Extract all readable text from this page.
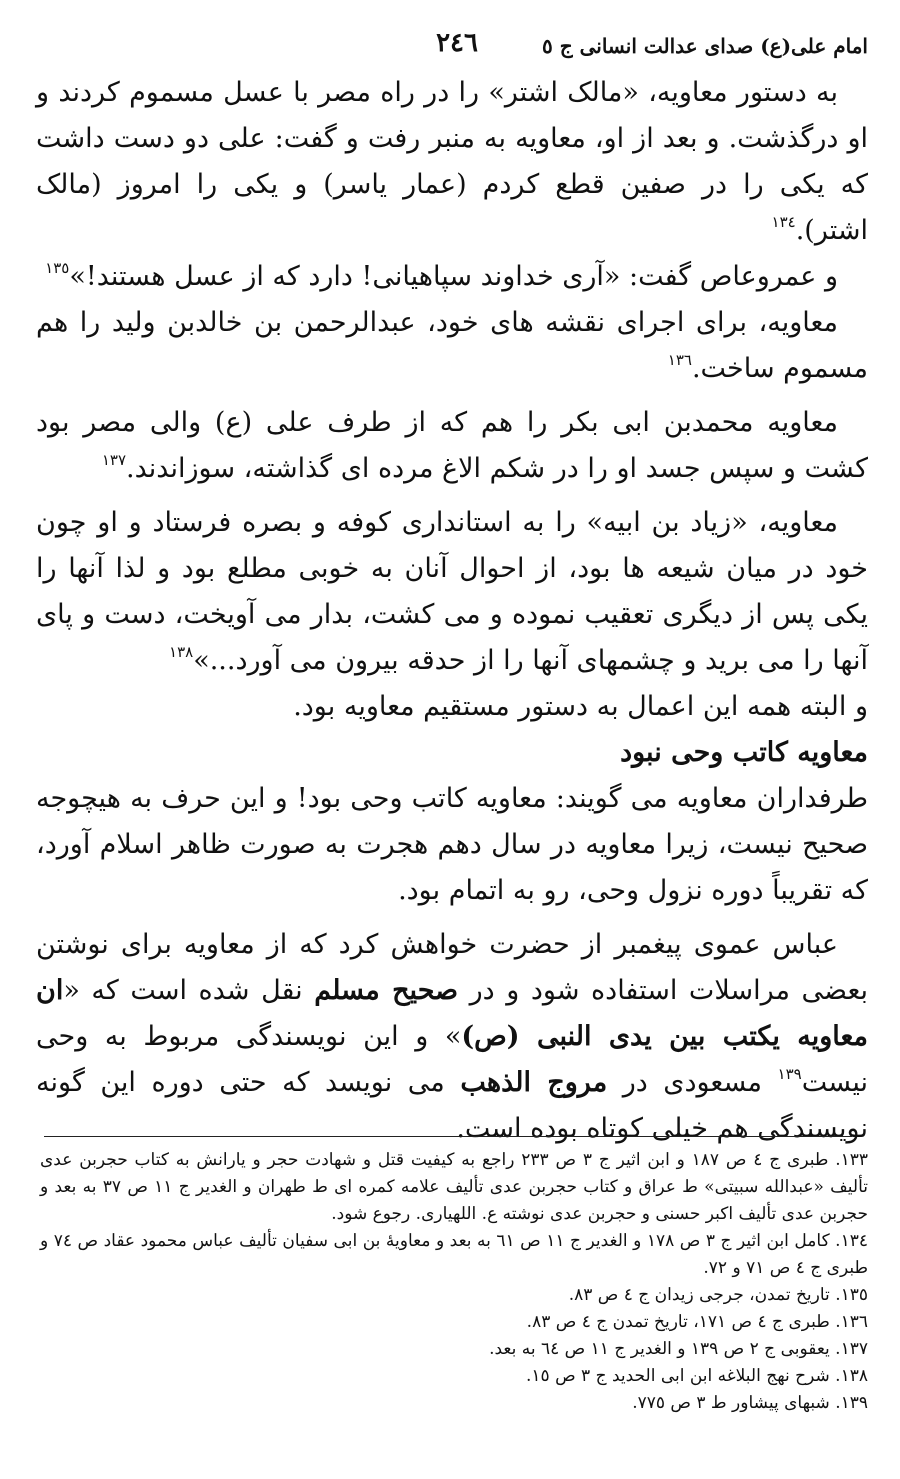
امام علی(ع) صدای عدالت انسانی ج ٥
٢٤٦

به دستور معاویه، «مالک اشتر» را در راه مصر با عسل مسموم کردند و او درگذشت. و بعد از او، معاویه به منبر رفت و گفت: علی دو دست داشت که یکی را در صفین قطع کردم (عمار یاسر) و یکی را امروز (مالک اشتر).$^{١٣٤}$

و عمروعاص گفت: «آری خداوند سپاهیانی! دارد که از عسل هستند!»$^{١٣٥}$

معاویه، برای اجرای نقشه های خود، عبدالرحمن بن خالدبن ولید را هم مسموم ساخت.$^{١٣٦}$

معاویه محمدبن ابی بکر را هم که از طرف علی (ع) والی مصر بود کشت و سپس جسد او را در شکم الاغ مرده ای گذاشته، سوزاندند.$^{١٣٧}$

معاویه، «زیاد بن ابیه» را به استانداری کوفه و بصره فرستاد و او چون خود در میان شیعه ها بود، از احوال آنان به خوبی مطلع بود و لذا آنها را یکی پس از دیگری تعقیب نموده و می کشت، بدار می آویخت، دست و پای آنها را می برید و چشمهای آنها را از حدقه بیرون می آورد...»$^{١٣٨}$

و البته همه این اعمال به دستور مستقیم معاویه بود.

معاویه کاتب وحی نبود

طرفداران معاویه می گویند: معاویه کاتب وحی بود! و این حرف به هیچوجه صحیح نیست، زیرا معاویه در سال دهم هجرت به صورت ظاهر اسلام آورد، که تقریباً دوره نزول وحی، رو به اتمام بود.

عباس عموی پیغمبر از حضرت خواهش کرد که از معاویه برای نوشتن بعضی مراسلات استفاده شود و در صحیح مسلم نقل شده است که «ان معاویه یکتب بین یدی النبی (ص)» و این نویسندگی مربوط به وحی نیست$^{١٣٩}$ مسعودی در مروج الذهب می نویسد که حتی دوره این گونه نویسندگی هم خیلی کوتاه بوده است.

١٣٣. طبری ج ٤ ص ١٨٧ و ابن اثیر ج ٣ ص ٢٣٣ راجع به کیفیت قتل و شهادت حجر و یارانش به کتاب حجربن عدی تألیف «عبدالله سبیتی» ط عراق و کتاب حجربن عدی تألیف علامه کمره ای ط طهران و الغدیر ج ١١ ص ٣٧ به بعد و حجربن عدی تألیف اکبر حسنی و حجربن عدی نوشته ع. اللهیاری. رجوع شود.

١٣٤. کامل ابن اثیر ج ٣ ص ١٧٨ و الغدیر ج ١١ ص ٦١ به بعد و معاویهٔ بن ابی سفیان تألیف عباس محمود عقاد ص ٧٤ و طبری ج ٤ ص ٧١ و ٧٢.

١٣٥. تاریخ تمدن، جرجی زیدان ج ٤ ص ٨٣.

١٣٦. طبری ج ٤ ص ١٧١، تاریخ تمدن ج ٤ ص ٨٣.

١٣٧. یعقوبی ج ٢ ص ١٣٩ و الغدیر ج ١١ ص ٦٤ به بعد.

١٣٨. شرح نهج البلاغه ابن ابی الحدید ج ٣ ص ١٥.

١٣٩. شبهای پیشاور ط ٣ ص ٧٧٥.
